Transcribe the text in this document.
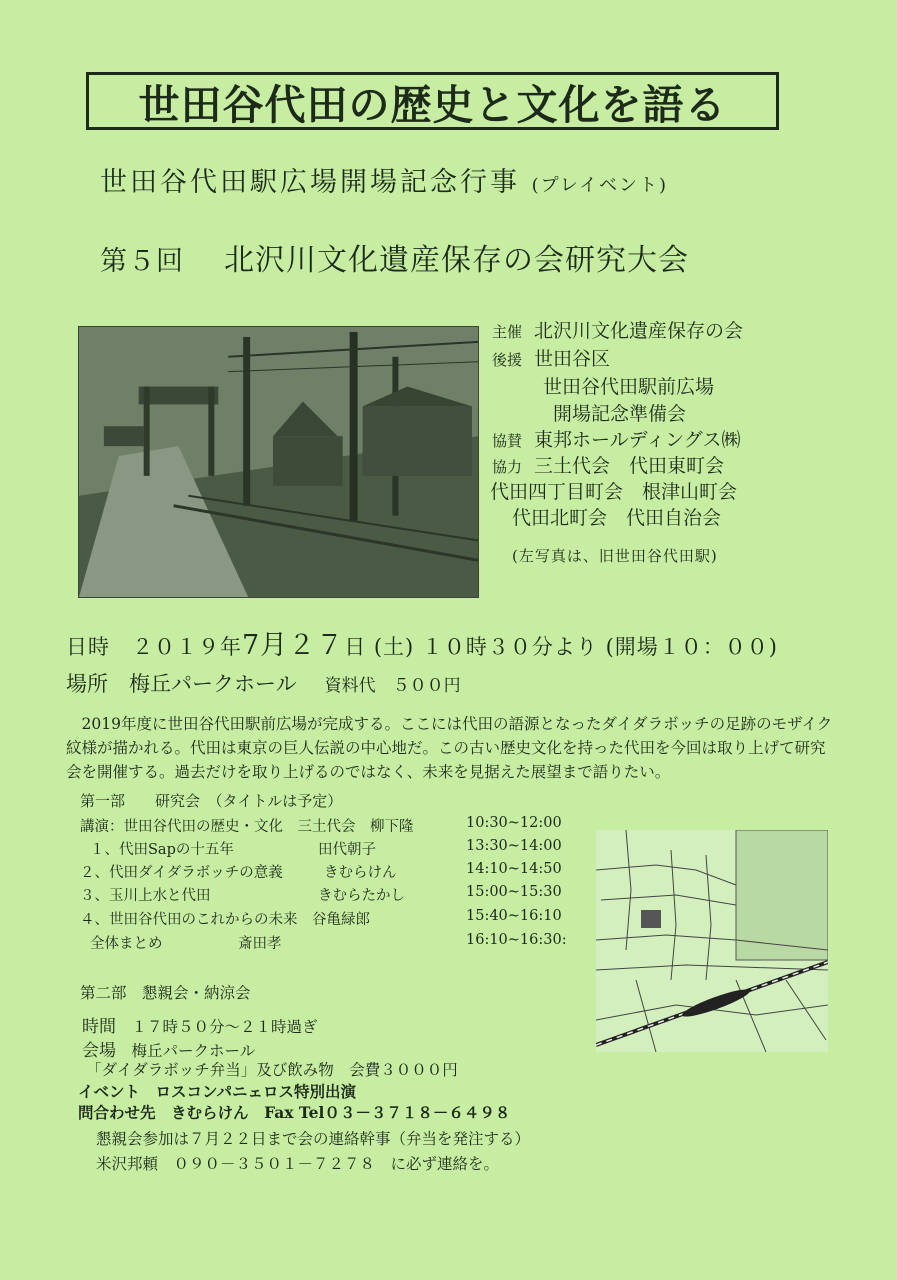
世田谷代田の歴史と文化を語る
世田谷代田駅広場開場記念行事 (プレイベント)
第５回 北沢川文化遺産保存の会研究大会
主催 北沢川文化遺産保存の会
後援 世田谷区
世田谷代田駅前広場
開場記念準備会
協賛 東邦ホールディングス㈱
協力 三土代会　代田東町会
代田四丁目町会　根津山町会
代田北町会　代田自治会
(左写真は、旧世田谷代田駅)
日時　 ２０１９年7月２７日 (土) １０時３０分より (開場１０：００)
場所　 梅丘パークホール 資料代　５００円
2019年度に世田谷代田駅前広場が完成する。ここには代田の語源となったダイダラボッチの足跡のモザイク紋様が描かれる。代田は東京の巨人伝説の中心地だ。この古い歴史文化を持った代田を今回は取り上げて研究会を開催する。過去だけを取り上げるのではなく、未来を見据えた展望まで語りたい。
第一部　　研究会　（タイトルは予定）
講演：世田谷代田の歴史・文化　三土代会　柳下隆	10:30~12:00
１、代田Sapの十五年	田代朝子	13:30~14:00
２、代田ダイダラボッチの意義	きむらけん	14:10~14:50
３、玉川上水と代田	きむらたかし	15:00~15:30
４、世田谷代田のこれからの未来　谷亀緑郎	15:40~16:10
全体まとめ	斎田孝	16:10~16:30:
第二部　懇親会・納涼会
時間　 １７時５０分～２１時過ぎ
会場　 梅丘パークホール
「ダイダラボッチ弁当」及び飲み物　会費３０００円
イベント　 ロスコンパニェロス特別出演
問合わせ先　 きむらけん　 Fax Tel０３－３７１８－６４９８
懇親会参加は７月２２日まで会の連絡幹事（弁当を発注する）
米沢邦頼　０９０－３５０１－７２７８　に必ず連絡を。
